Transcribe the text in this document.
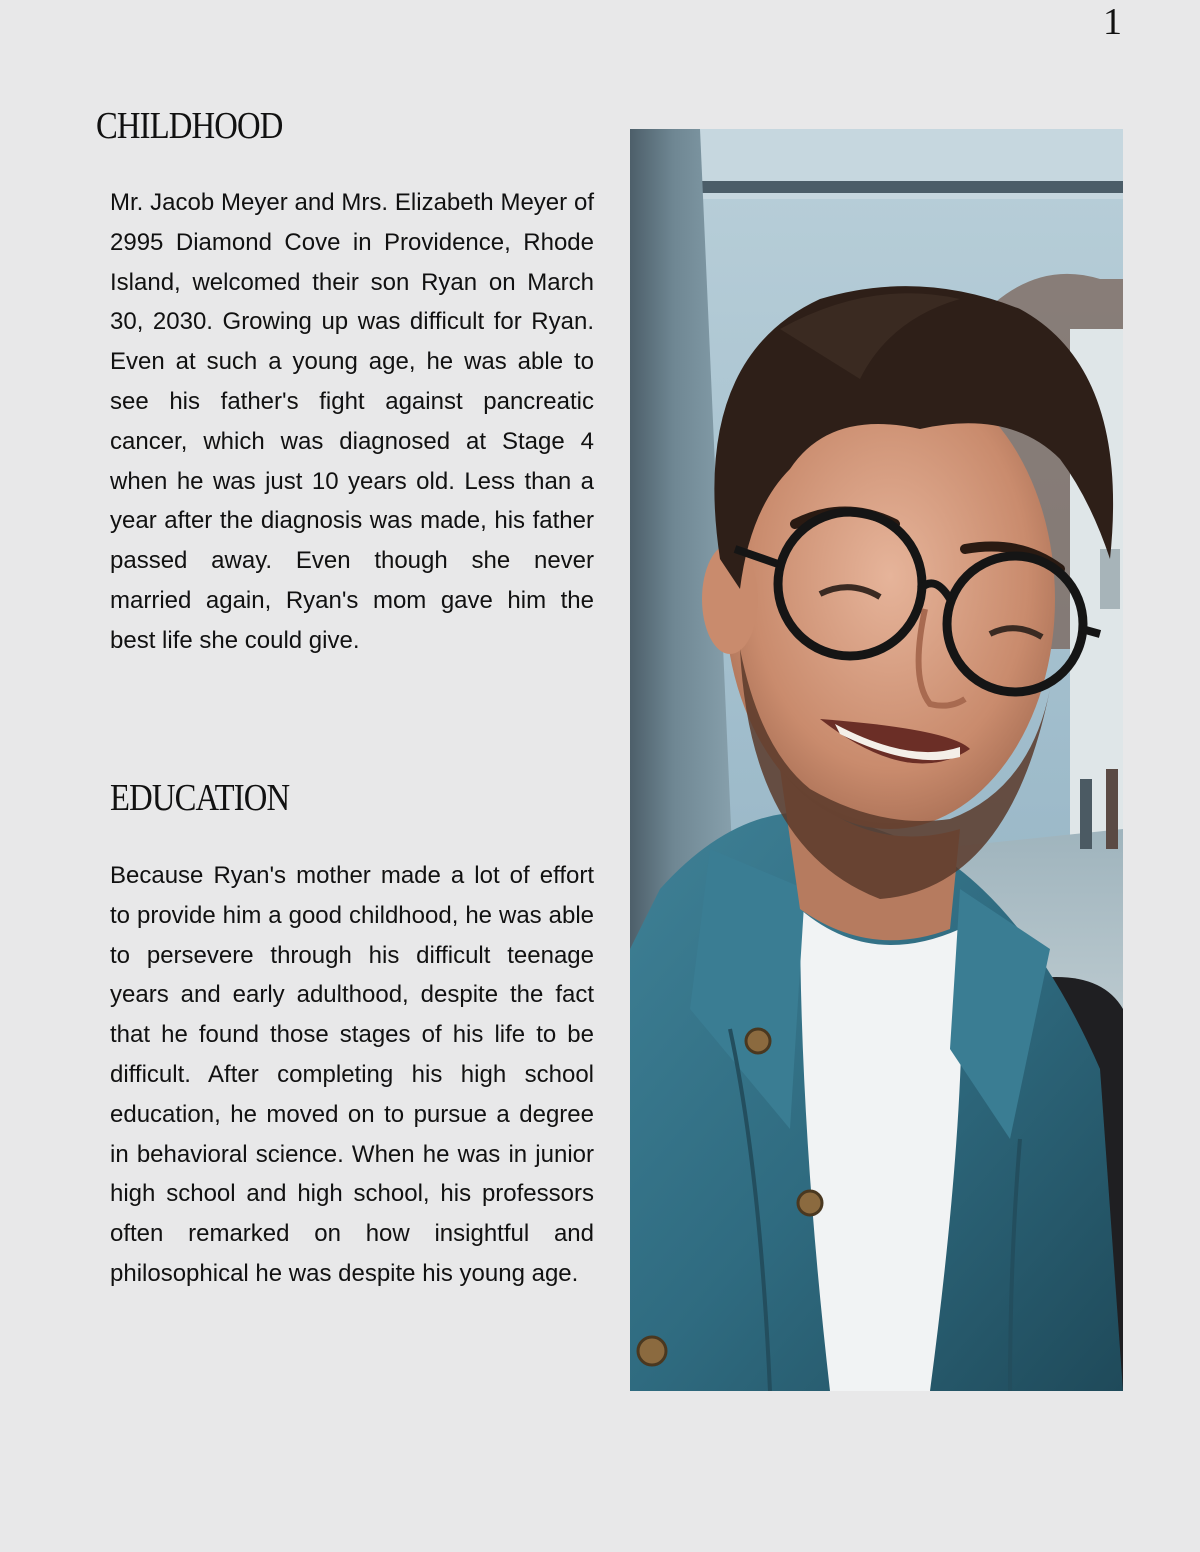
1
CHILDHOOD

Mr. Jacob Meyer and Mrs. Elizabeth Meyer of 2995 Diamond Cove in Providence, Rhode Island, welcomed their son Ryan on March 30, 2030. Growing up was difficult for Ryan. Even at such a young age, he was able to see his father's fight against pancreatic cancer, which was diagnosed at Stage 4 when he was just 10 years old. Less than a year after the diagnosis was made, his father passed away. Even though she never married again, Ryan's mom gave him the best life she could give.

EDUCATION

Because Ryan's mother made a lot of effort to provide him a good childhood, he was able to persevere through his difficult teenage years and early adulthood, despite the fact that he found those stages of his life to be difficult. After completing his high school education, he moved on to pursue a degree in behavioral science. When he was in junior high school and high school, his professors often remarked on how insightful and philosophical he was despite his young age.
